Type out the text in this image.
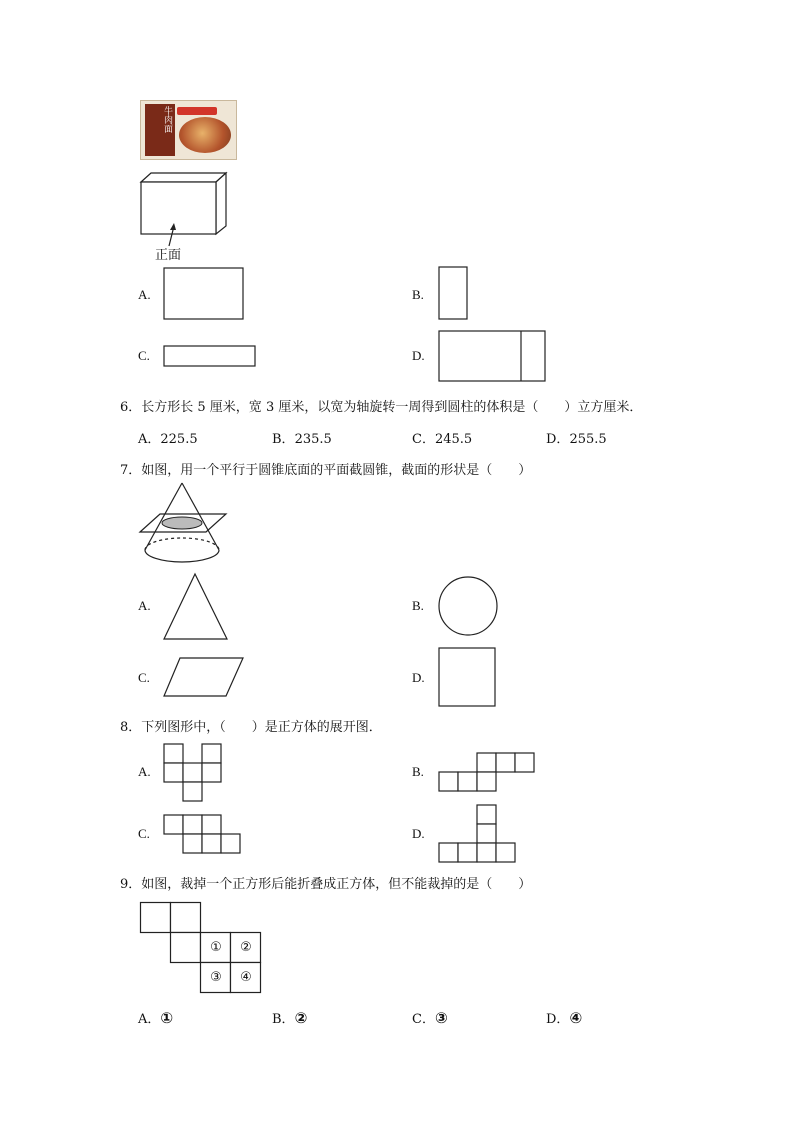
牛肉面
正面
A.	B.
C.	D.
6．长方形长 5 厘米，宽 3 厘米，以宽为轴旋转一周得到圆柱的体积是（　　）立方厘米．
A．225.5	B．235.5	C．245.5	D．255.5
7．如图，用一个平行于圆锥底面的平面截圆锥，截面的形状是（　　）
A.	B.
C.	D.
8．下列图形中，（　　）是正方体的展开图．
A.	B.
C.	D.
9．如图，裁掉一个正方形后能折叠成正方体，但不能裁掉的是（　　）
①	②
③	④
A．①	B．②	C．③	D．④
